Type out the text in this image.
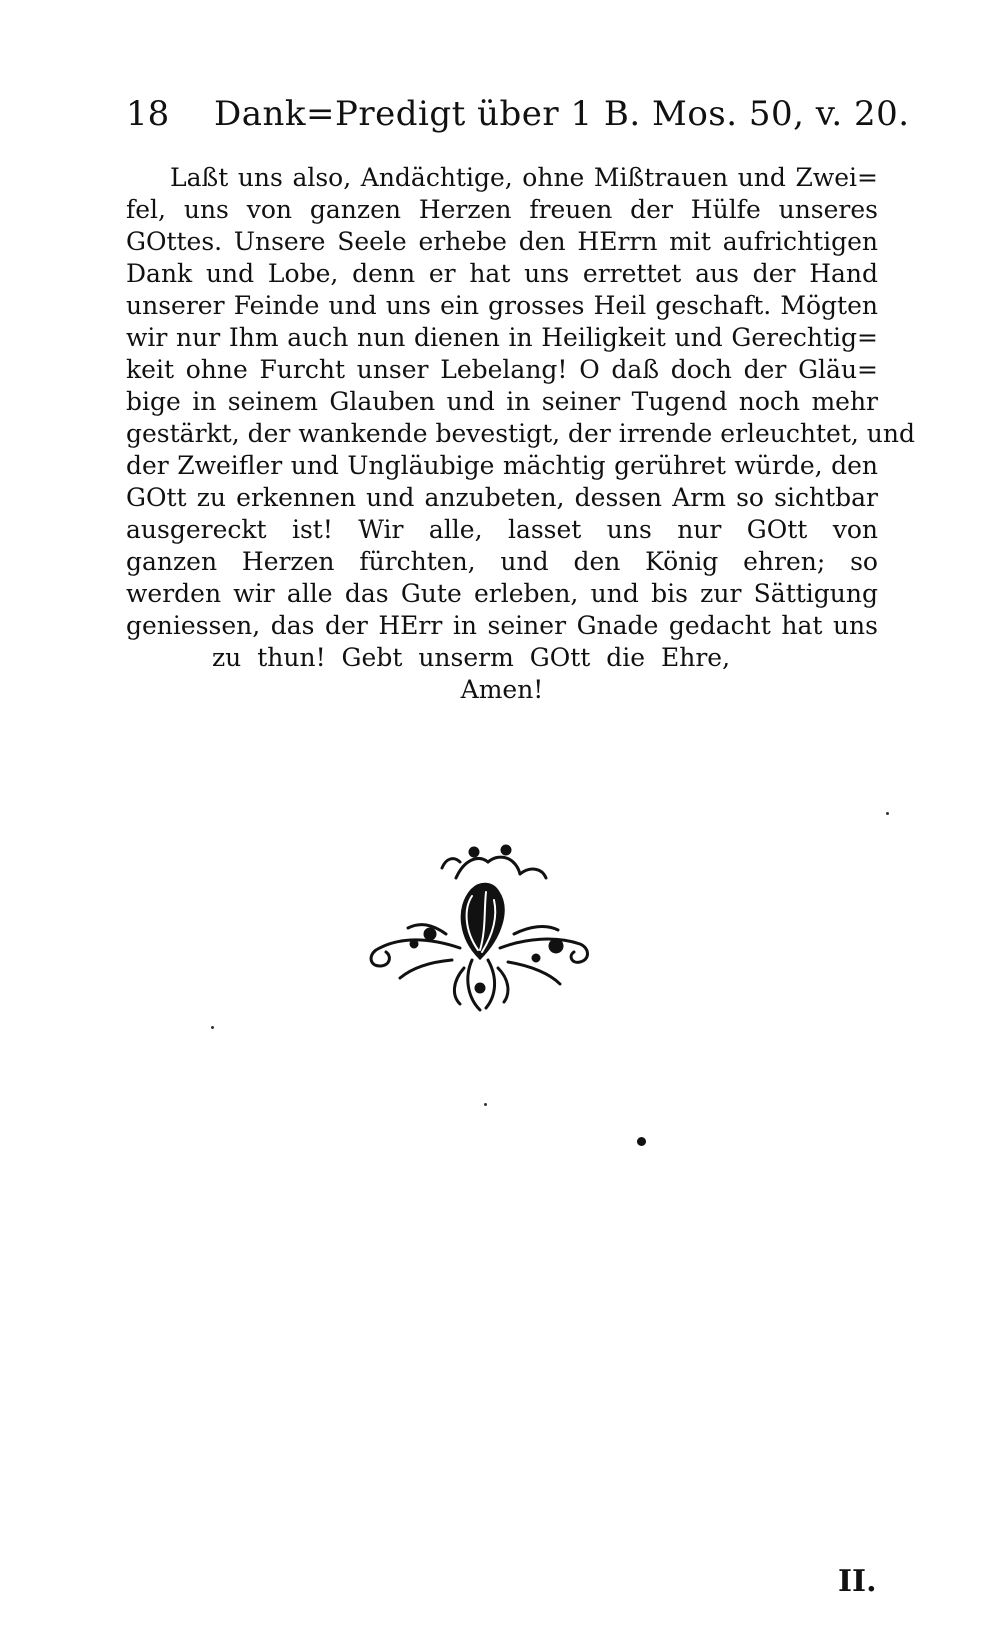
18 Dank=Predigt über 1 B. Mos. 50, v. 20.
Laßt uns also, Andächtige, ohne Mißtrauen und Zwei=
fel, uns von ganzen Herzen freuen der Hülfe unseres
GOttes. Unsere Seele erhebe den HErrn mit aufrichtigen
Dank und Lobe, denn er hat uns errettet aus der Hand
unserer Feinde und uns ein grosses Heil geschaft. Mögten
wir nur Ihm auch nun dienen in Heiligkeit und Gerechtig=
keit ohne Furcht unser Lebelang! O daß doch der Gläu=
bige in seinem Glauben und in seiner Tugend noch mehr
gestärkt, der wankende bevestigt, der irrende erleuchtet, und
der Zweifler und Ungläubige mächtig gerühret würde, den
GOtt zu erkennen und anzubeten, dessen Arm so sichtbar
ausgereckt ist! Wir alle, lasset uns nur GOtt von
ganzen Herzen fürchten, und den König ehren; so
werden wir alle das Gute erleben, und bis zur Sättigung
geniessen, das der HErr in seiner Gnade gedacht hat uns
zu thun! Gebt unserm GOtt die Ehre,
Amen!
II.
